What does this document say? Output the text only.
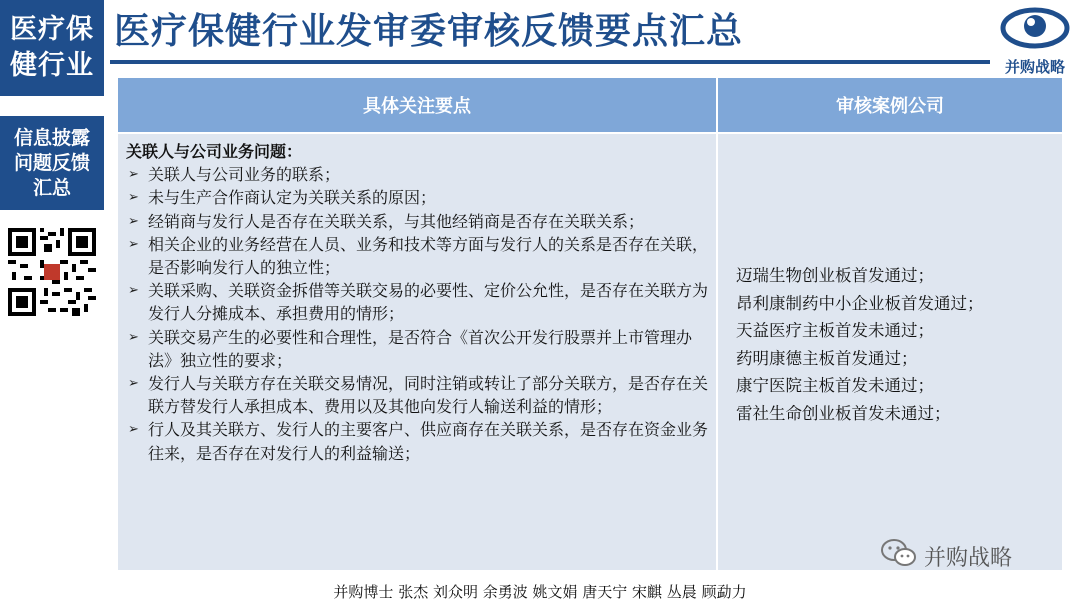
医疗保
健行业
信息披露
问题反馈
汇总
医疗保健行业发审委审核反馈要点汇总
并购战略
具体关注要点	审核案例公司
关联人与公司业务问题：
➢ 关联人与公司业务的联系；
➢ 未与生产合作商认定为关联关系的原因；
➢ 经销商与发行人是否存在关联关系，与其他经销商是否存在关联关系；
➢ 相关企业的业务经营在人员、业务和技术等方面与发行人的关系是否存在关联，是否影响发行人的独立性；
➢ 关联采购、关联资金拆借等关联交易的必要性、定价公允性，是否存在关联方为发行人分摊成本、承担费用的情形；
➢ 关联交易产生的必要性和合理性，是否符合《首次公开发行股票并上市管理办法》独立性的要求；
➢ 发行人与关联方存在关联交易情况，同时注销或转让了部分关联方，是否存在关联方替发行人承担成本、费用以及其他向发行人输送利益的情形；
➢ 行人及其关联方、发行人的主要客户、供应商存在关联关系，是否存在资金业务往来，是否存在对发行人的利益输送；
迈瑞生物创业板首发通过；
昂利康制药中小企业板首发通过；
天益医疗主板首发未通过；
药明康德主板首发通过；
康宁医院主板首发未通过；
雷社生命创业板首发未通过；
并购战略
并购博士 张杰 刘众明 余勇波 姚文娟 唐天宁 宋麒 丛晨 顾勐力
